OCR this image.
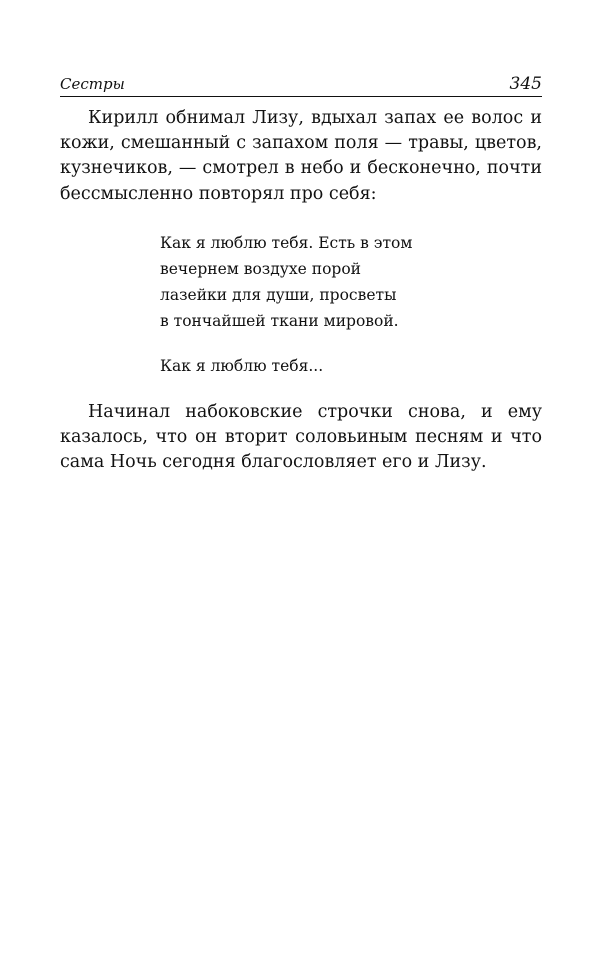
Сестры	345

Кирилл обнимал Лизу, вдыхал запах ее волос и кожи, смешанный с запахом поля — травы, цветов, кузнечиков, — смотрел в небо и бесконечно, почти бессмысленно повторял про себя:

Как я люблю тебя. Есть в этом
вечернем воздухе порой
лазейки для души, просветы
в тончайшей ткани мировой.
Как я люблю тебя...

Начинал набоковские строчки снова, и ему казалось, что он вторит соловьиным песням и что сама Ночь сегодня благословляет его и Лизу.
